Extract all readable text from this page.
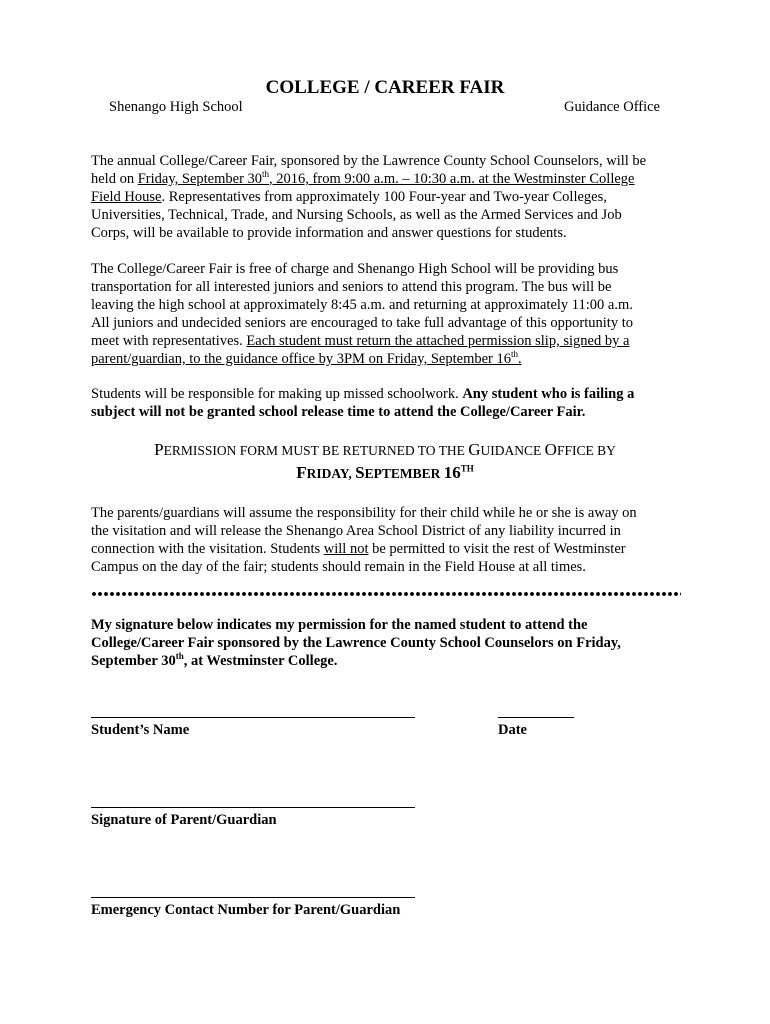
COLLEGE / CAREER FAIR
Shenango High School	Guidance Office
The annual College/Career Fair, sponsored by the Lawrence County School Counselors, will be
held on Friday, September 30th, 2016, from 9:00 a.m. – 10:30 a.m. at the Westminster College
Field House. Representatives from approximately 100 Four-year and Two-year Colleges,
Universities, Technical, Trade, and Nursing Schools, as well as the Armed Services and Job
Corps, will be available to provide information and answer questions for students.
The College/Career Fair is free of charge and Shenango High School will be providing bus
transportation for all interested juniors and seniors to attend this program. The bus will be
leaving the high school at approximately 8:45 a.m. and returning at approximately 11:00 a.m.
All juniors and undecided seniors are encouraged to take full advantage of this opportunity to
meet with representatives. Each student must return the attached permission slip, signed by a
parent/guardian, to the guidance office by 3PM on Friday, September 16th.
Students will be responsible for making up missed schoolwork. Any student who is failing a
subject will not be granted school release time to attend the College/Career Fair.
PERMISSION FORM MUST BE RETURNED TO THE GUIDANCE OFFICE BY
FRIDAY, SEPTEMBER 16TH
The parents/guardians will assume the responsibility for their child while he or she is away on
the visitation and will release the Shenango Area School District of any liability incurred in
connection with the visitation. Students will not be permitted to visit the rest of Westminster
Campus on the day of the fair; students should remain in the Field House at all times.
My signature below indicates my permission for the named student to attend the
College/Career Fair sponsored by the Lawrence County School Counselors on Friday,
September 30th, at Westminster College.
Student’s Name	Date
Signature of Parent/Guardian
Emergency Contact Number for Parent/Guardian
